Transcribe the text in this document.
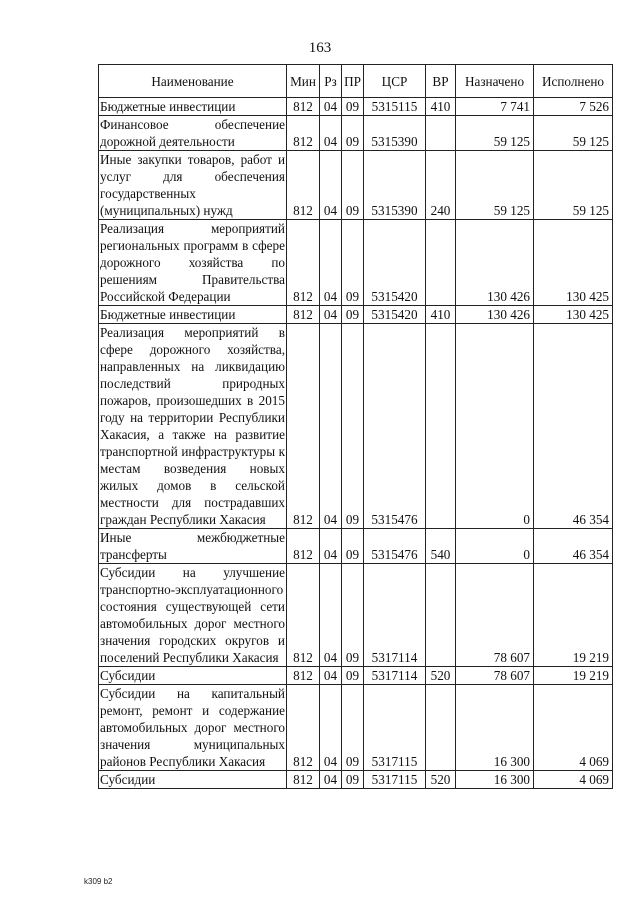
163
Наименование	Мин	Рз	ПР	ЦСР	ВР	Назначено	Исполнено
Бюджетные инвестиции	812	04	09	5315115	410	7 741	7 526
Финансовое обеспечение дорожной деятельности	812	04	09	5315390		59 125	59 125
Иные закупки товаров, работ и услуг для обеспечения государственных (муниципальных) нужд	812	04	09	5315390	240	59 125	59 125
Реализация мероприятий региональных программ в сфере дорожного хозяйства по решениям Правительства Российской Федерации	812	04	09	5315420		130 426	130 425
Бюджетные инвестиции	812	04	09	5315420	410	130 426	130 425
Реализация мероприятий в сфере дорожного хозяйства, направленных на ликвидацию последствий природных пожаров, произошедших в 2015 году на территории Республики Хакасия, а также на развитие транспортной инфраструктуры к местам возведения новых жилых домов в сельской местности для пострадавших граждан Республики Хакасия	812	04	09	5315476		0	46 354
Иные межбюджетные трансферты	812	04	09	5315476	540	0	46 354
Субсидии на улучшение транспортно-эксплуатационного состояния существующей сети автомобильных дорог местного значения городских округов и поселений Республики Хакасия	812	04	09	5317114		78 607	19 219
Субсидии	812	04	09	5317114	520	78 607	19 219
Субсидии на капитальный ремонт, ремонт и содержание автомобильных дорог местного значения муниципальных районов Республики Хакасия	812	04	09	5317115		16 300	4 069
Субсидии	812	04	09	5317115	520	16 300	4 069
k309 b2
